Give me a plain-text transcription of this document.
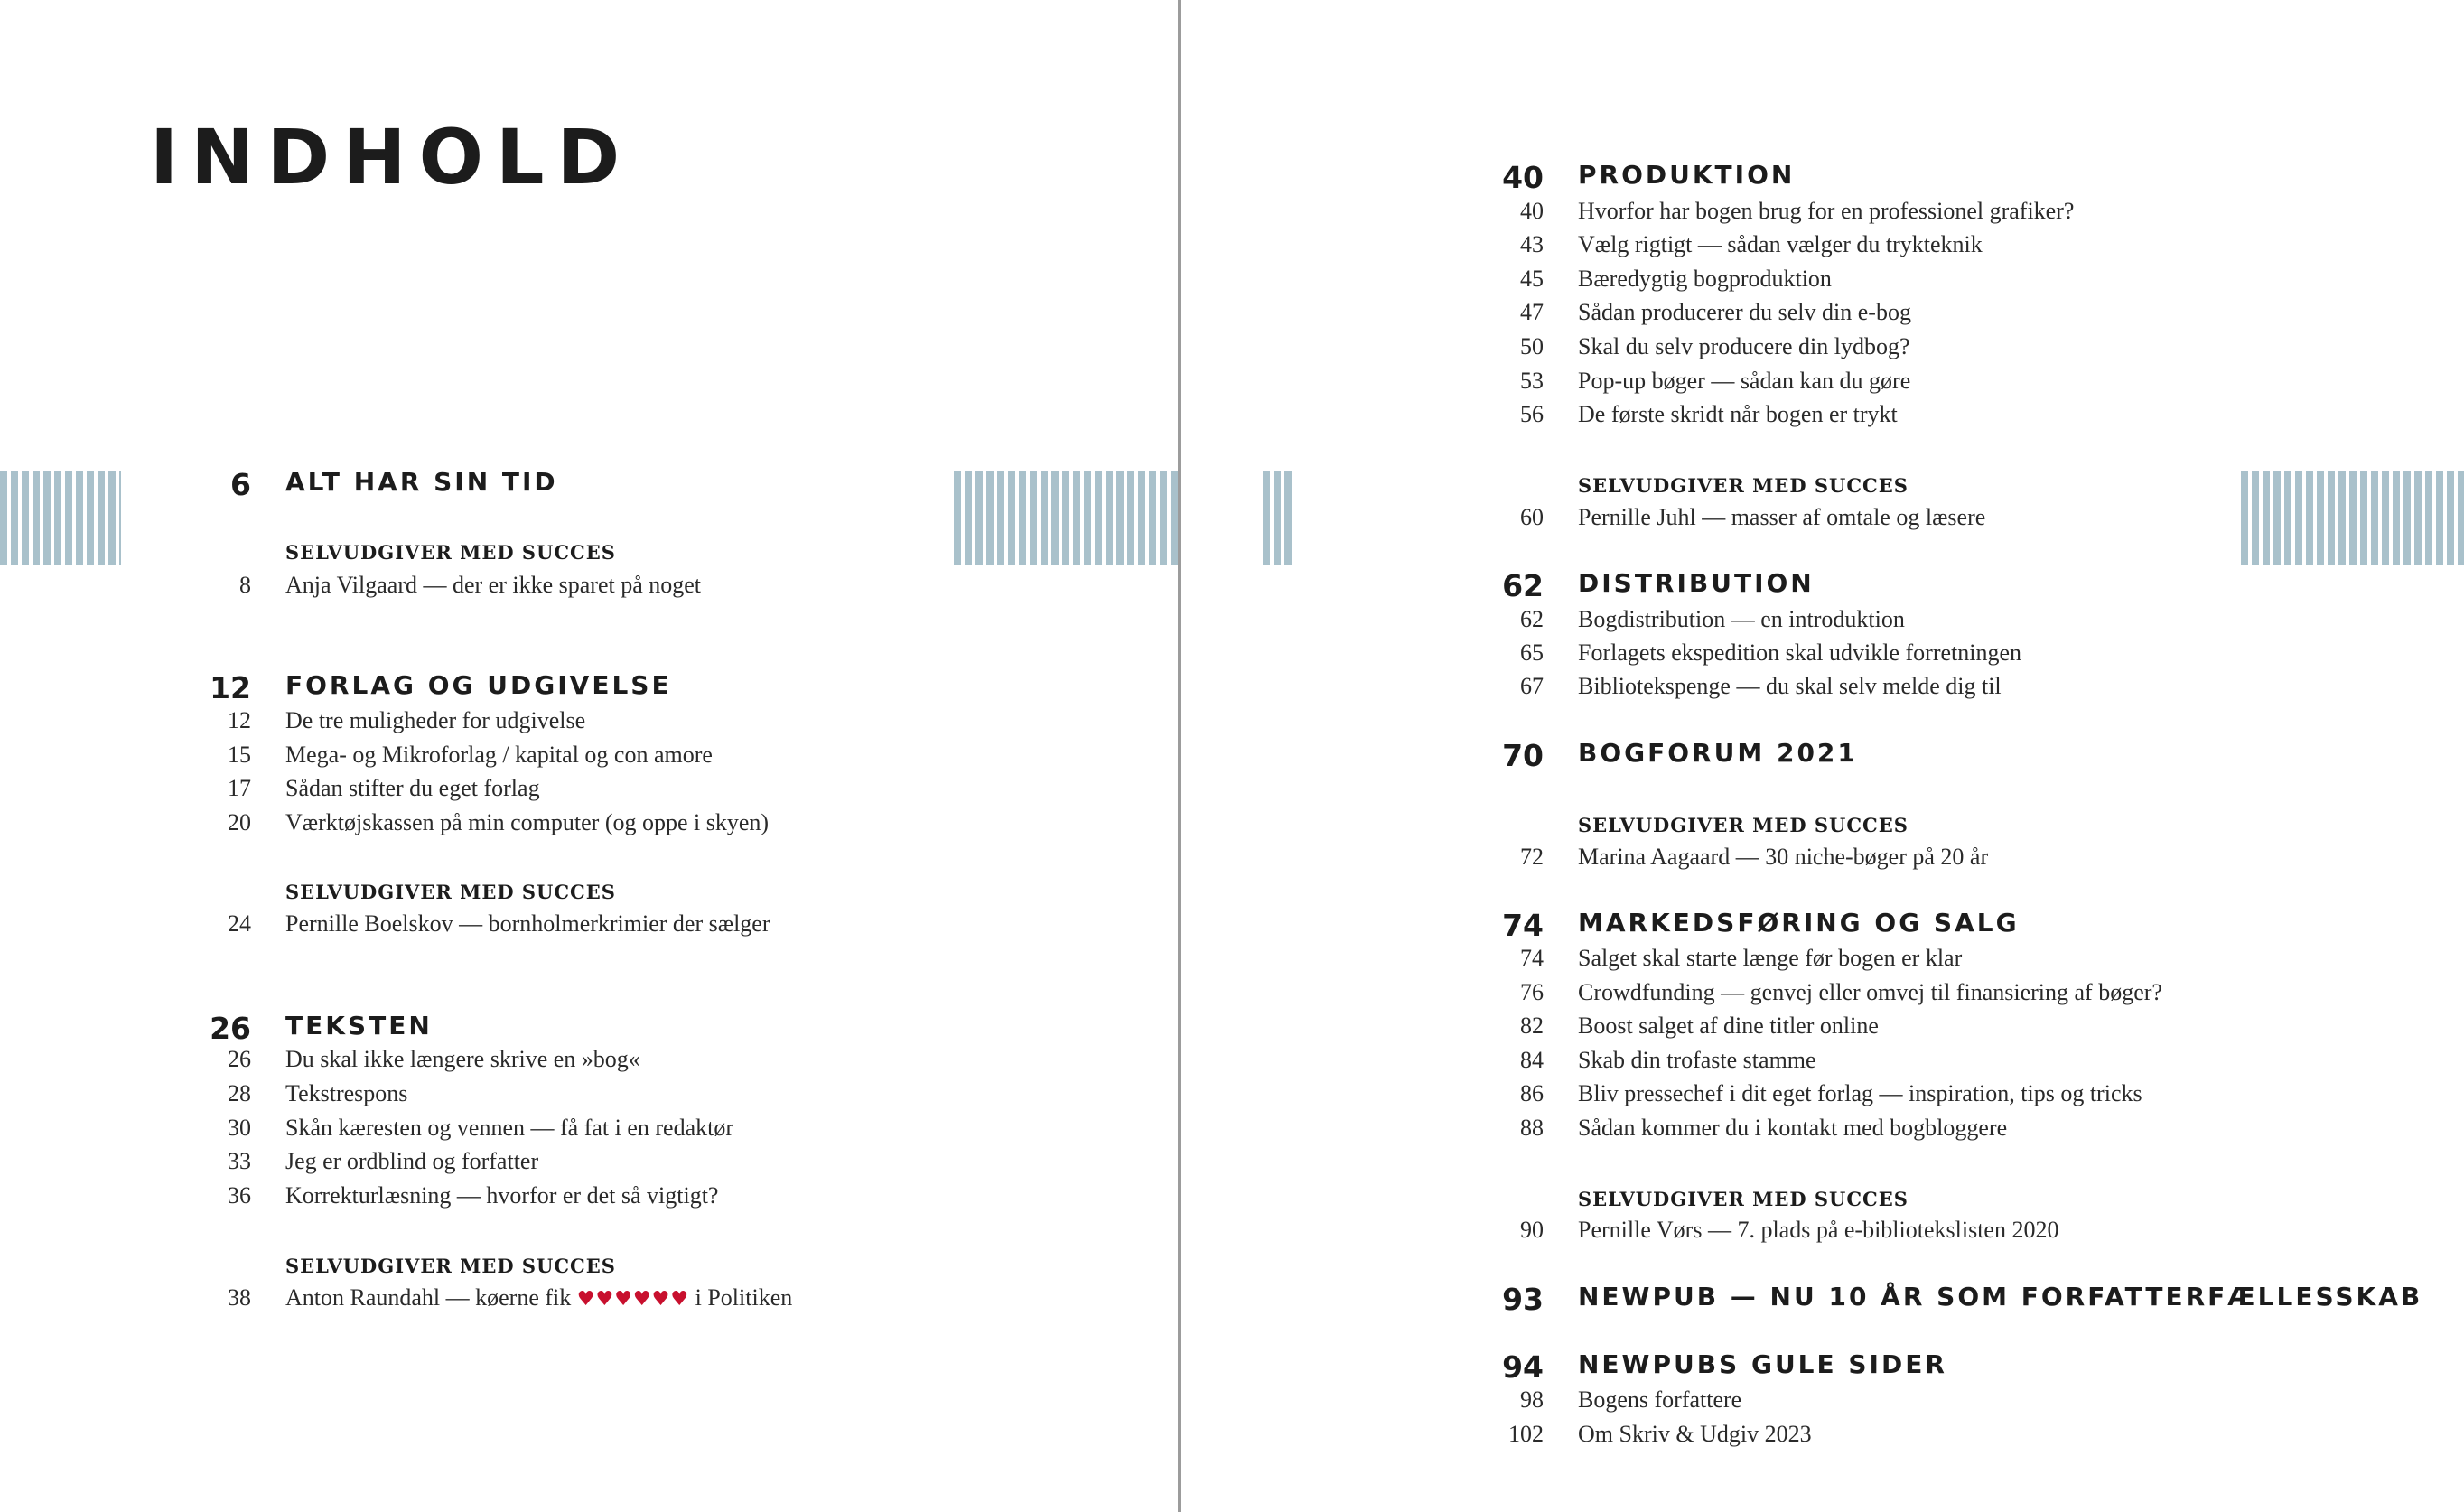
INDHOLD
6 ALT HAR SIN TID
SELVUDGIVER MED SUCCES
8 Anja Vilgaard — der er ikke sparet på noget
12 FORLAG OG UDGIVELSE
12 De tre muligheder for udgivelse
15 Mega- og Mikroforlag / kapital og con amore
17 Sådan stifter du eget forlag
20 Værktøjskassen på min computer (og oppe i skyen)
SELVUDGIVER MED SUCCES
24 Pernille Boelskov — bornholmerkrimier der sælger
26 TEKSTEN
26 Du skal ikke længere skrive en »bog«
28 Tekstrespons
30 Skån kæresten og vennen — få fat i en redaktør
33 Jeg er ordblind og forfatter
36 Korrekturlæsning — hvorfor er det så vigtigt?
SELVUDGIVER MED SUCCES
38 Anton Raundahl — køerne fik ♥♥♥♥♥♥ i Politiken
40 PRODUKTION
40 Hvorfor har bogen brug for en professionel grafiker?
43 Vælg rigtigt — sådan vælger du trykteknik
45 Bæredygtig bogproduktion
47 Sådan producerer du selv din e-bog
50 Skal du selv producere din lydbog?
53 Pop-up bøger — sådan kan du gøre
56 De første skridt når bogen er trykt
SELVUDGIVER MED SUCCES
60 Pernille Juhl — masser af omtale og læsere
62 DISTRIBUTION
62 Bogdistribution — en introduktion
65 Forlagets ekspedition skal udvikle forretningen
67 Bibliotekspenge — du skal selv melde dig til
70 BOGFORUM 2021
SELVUDGIVER MED SUCCES
72 Marina Aagaard — 30 niche-bøger på 20 år
74 MARKEDSFØRING OG SALG
74 Salget skal starte længe før bogen er klar
76 Crowdfunding — genvej eller omvej til finansiering af bøger?
82 Boost salget af dine titler online
84 Skab din trofaste stamme
86 Bliv pressechef i dit eget forlag — inspiration, tips og tricks
88 Sådan kommer du i kontakt med bogbloggere
SELVUDGIVER MED SUCCES
90 Pernille Vørs — 7. plads på e-bibliotekslisten 2020
93 NEWPUB — NU 10 ÅR SOM FORFATTERFÆLLESSKAB
94 NEWPUBS GULE SIDER
98 Bogens forfattere
102 Om Skriv & Udgiv 2023
